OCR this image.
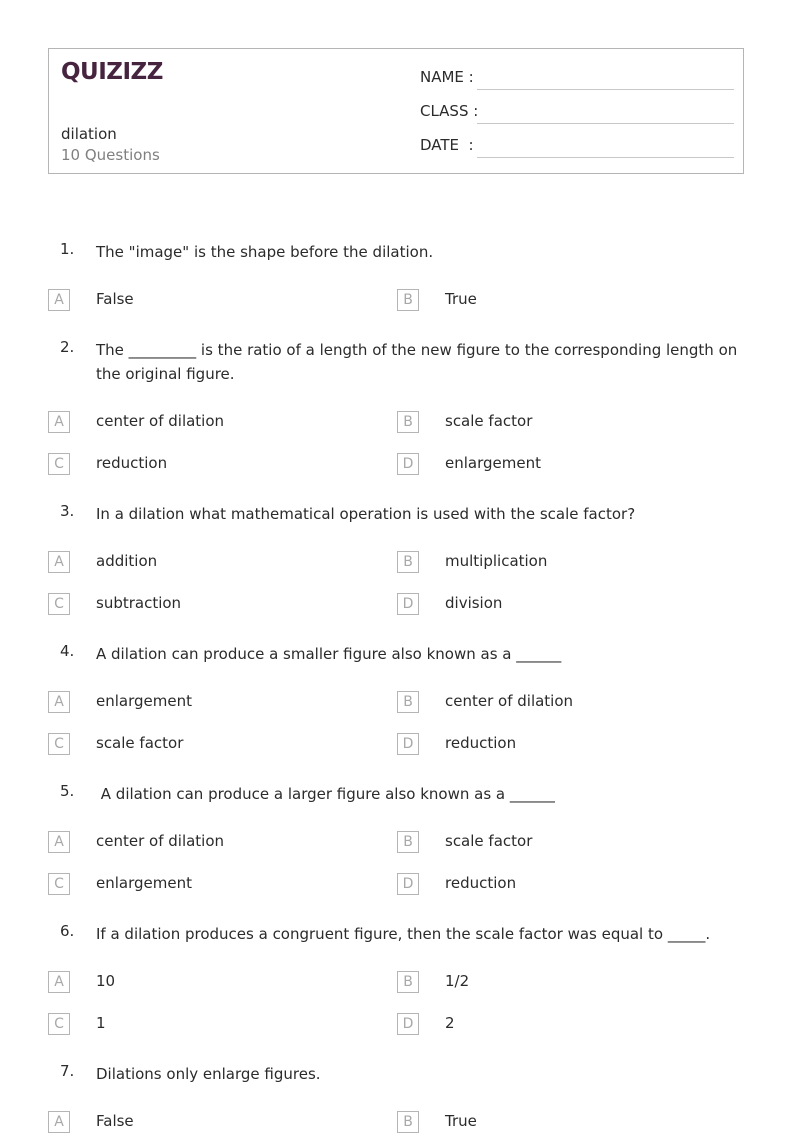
QUIZIZZ
dilation
10 Questions
NAME :
CLASS :
DATE  :
1. The "image" is the shape before the dilation.
A	False	B	True
2. The _________ is the ratio of a length of the new figure to the corresponding length on the original figure.
A	center of dilation	B	scale factor
C	reduction	D	enlargement
3. In a dilation what mathematical operation is used with the scale factor?
A	addition	B	multiplication
C	subtraction	D	division
4. A dilation can produce a smaller figure also known as a ______
A	enlargement	B	center of dilation
C	scale factor	D	reduction
5. A dilation can produce a larger figure also known as a ______
A	center of dilation	B	scale factor
C	enlargement	D	reduction
6. If a dilation produces a congruent figure, then the scale factor was equal to _____.
A	10	B	1/2
C	1	D	2
7. Dilations only enlarge figures.
A	False	B	True
